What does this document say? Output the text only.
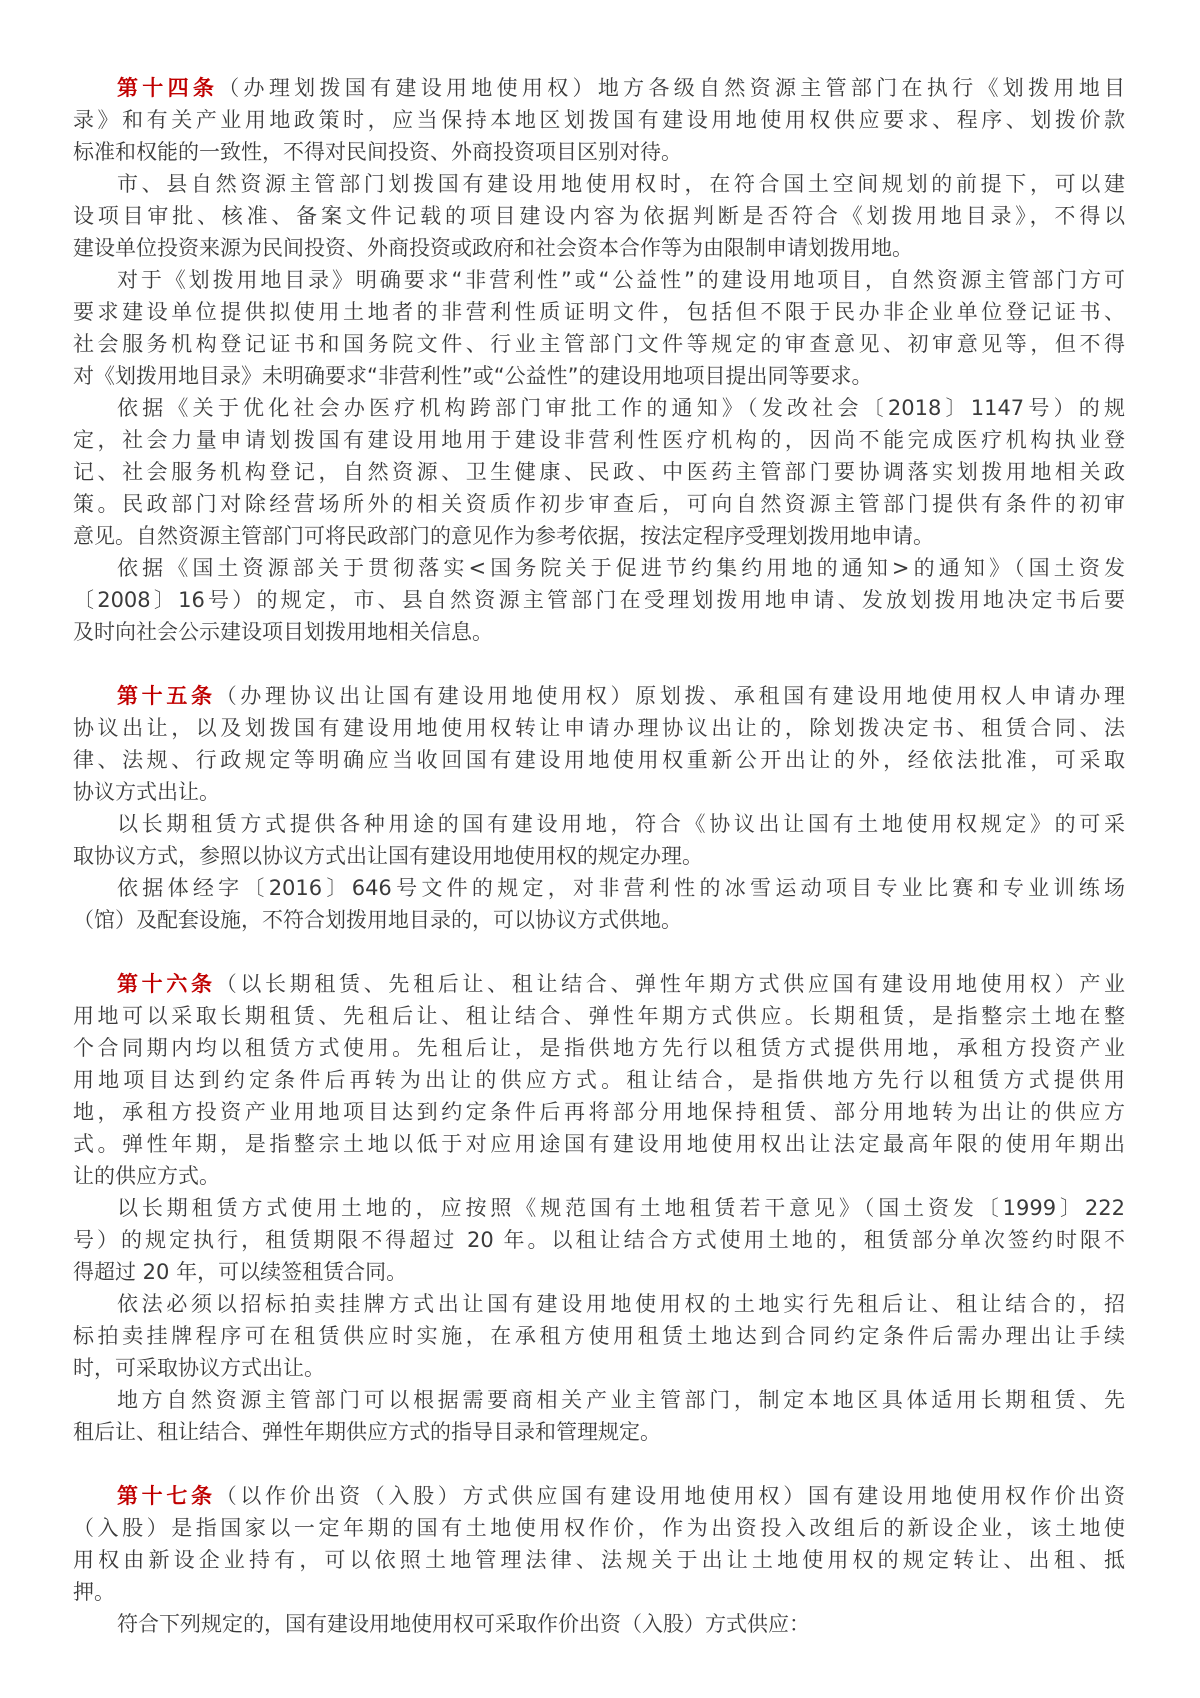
第十四条（办理划拨国有建设用地使用权）地方各级自然资源主管部门在执行《划拨用地目
录》和有关产业用地政策时，应当保持本地区划拨国有建设用地使用权供应要求、程序、划拨价款
标准和权能的一致性，不得对民间投资、外商投资项目区别对待。
市、县自然资源主管部门划拨国有建设用地使用权时，在符合国土空间规划的前提下，可以建
设项目审批、核准、备案文件记载的项目建设内容为依据判断是否符合《划拨用地目录》，不得以
建设单位投资来源为民间投资、外商投资或政府和社会资本合作等为由限制申请划拨用地。
对于《划拨用地目录》明确要求“非营利性”或“公益性”的建设用地项目，自然资源主管部门方可
要求建设单位提供拟使用土地者的非营利性质证明文件，包括但不限于民办非企业单位登记证书、
社会服务机构登记证书和国务院文件、行业主管部门文件等规定的审查意见、初审意见等，但不得
对《划拨用地目录》未明确要求“非营利性”或“公益性”的建设用地项目提出同等要求。
依据《关于优化社会办医疗机构跨部门审批工作的通知》（发改社会〔2018〕1147号）的规
定，社会力量申请划拨国有建设用地用于建设非营利性医疗机构的，因尚不能完成医疗机构执业登
记、社会服务机构登记，自然资源、卫生健康、民政、中医药主管部门要协调落实划拨用地相关政
策。民政部门对除经营场所外的相关资质作初步审查后，可向自然资源主管部门提供有条件的初审
意见。自然资源主管部门可将民政部门的意见作为参考依据，按法定程序受理划拨用地申请。
依据《国土资源部关于贯彻落实<国务院关于促进节约集约用地的通知>的通知》（国土资发
〔2008〕16号）的规定，市、县自然资源主管部门在受理划拨用地申请、发放划拨用地决定书后要
及时向社会公示建设项目划拨用地相关信息。
第十五条（办理协议出让国有建设用地使用权）原划拨、承租国有建设用地使用权人申请办理
协议出让，以及划拨国有建设用地使用权转让申请办理协议出让的，除划拨决定书、租赁合同、法
律、法规、行政规定等明确应当收回国有建设用地使用权重新公开出让的外，经依法批准，可采取
协议方式出让。
以长期租赁方式提供各种用途的国有建设用地，符合《协议出让国有土地使用权规定》的可采
取协议方式，参照以协议方式出让国有建设用地使用权的规定办理。
依据体经字〔2016〕646号文件的规定，对非营利性的冰雪运动项目专业比赛和专业训练场
（馆）及配套设施，不符合划拨用地目录的，可以协议方式供地。
第十六条（以长期租赁、先租后让、租让结合、弹性年期方式供应国有建设用地使用权）产业
用地可以采取长期租赁、先租后让、租让结合、弹性年期方式供应。长期租赁，是指整宗土地在整
个合同期内均以租赁方式使用。先租后让，是指供地方先行以租赁方式提供用地，承租方投资产业
用地项目达到约定条件后再转为出让的供应方式。租让结合，是指供地方先行以租赁方式提供用
地，承租方投资产业用地项目达到约定条件后再将部分用地保持租赁、部分用地转为出让的供应方
式。弹性年期，是指整宗土地以低于对应用途国有建设用地使用权出让法定最高年限的使用年期出
让的供应方式。
以长期租赁方式使用土地的，应按照《规范国有土地租赁若干意见》（国土资发〔1999〕222
号）的规定执行，租赁期限不得超过 20 年。以租让结合方式使用土地的，租赁部分单次签约时限不
得超过 20 年，可以续签租赁合同。
依法必须以招标拍卖挂牌方式出让国有建设用地使用权的土地实行先租后让、租让结合的，招
标拍卖挂牌程序可在租赁供应时实施，在承租方使用租赁土地达到合同约定条件后需办理出让手续
时，可采取协议方式出让。
地方自然资源主管部门可以根据需要商相关产业主管部门，制定本地区具体适用长期租赁、先
租后让、租让结合、弹性年期供应方式的指导目录和管理规定。
第十七条（以作价出资（入股）方式供应国有建设用地使用权）国有建设用地使用权作价出资
（入股）是指国家以一定年期的国有土地使用权作价，作为出资投入改组后的新设企业，该土地使
用权由新设企业持有，可以依照土地管理法律、法规关于出让土地使用权的规定转让、出租、抵
押。
符合下列规定的，国有建设用地使用权可采取作价出资（入股）方式供应：
